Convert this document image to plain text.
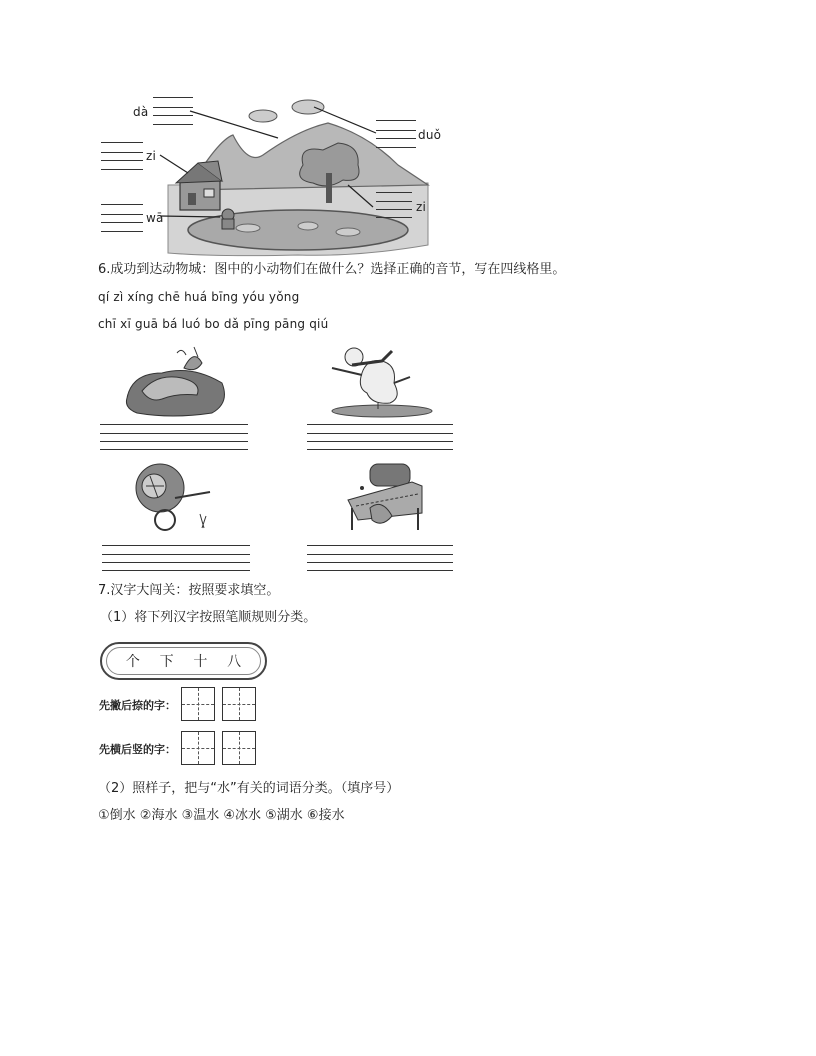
dà
duǒ
zi
zi
wā
6.成功到达动物城：图中的小动物们在做什么？选择正确的音节，写在四线格里。
qí zì xíng chē huá bīng yóu yǒng
chī xī guā bá luó bo dǎ pīng pāng qiú
7.汉字大闯关：按照要求填空。
（1）将下列汉字按照笔顺规则分类。
个 下 十 八
先撇后捺的字：
先横后竖的字：
（2）照样子，把与“水”有关的词语分类。（填序号）
①倒水 ②海水 ③温水 ④冰水 ⑤湖水 ⑥接水
